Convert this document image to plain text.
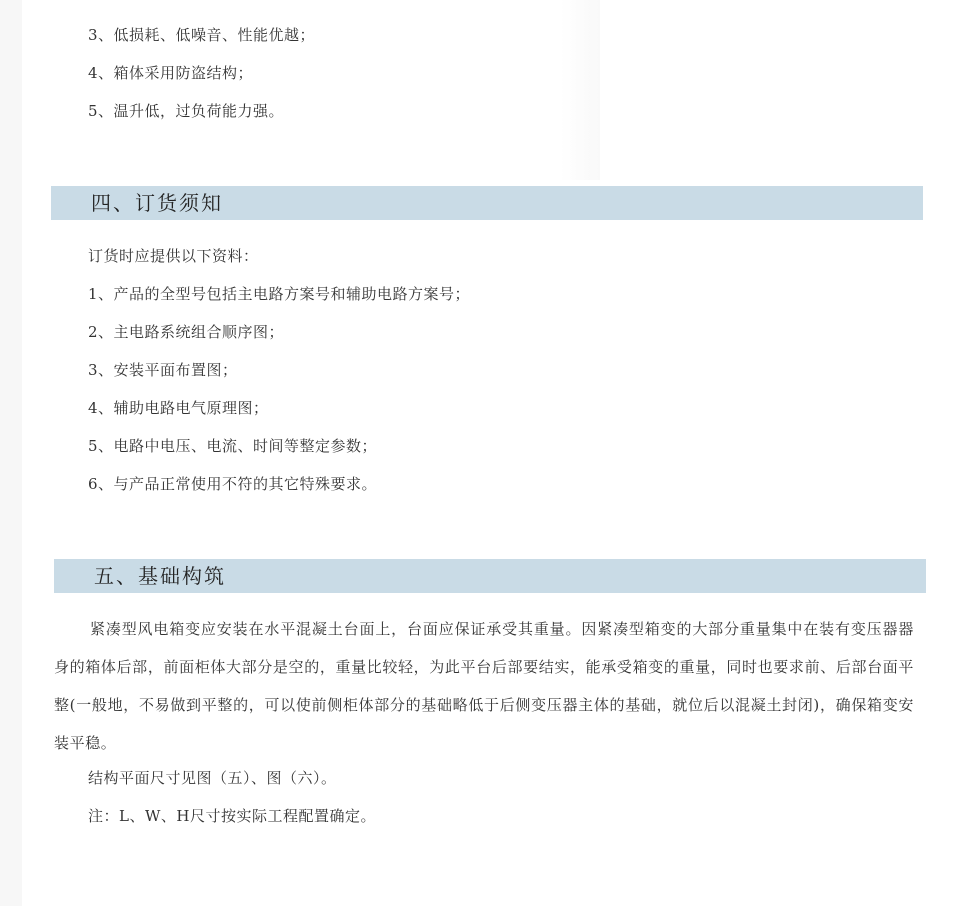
3、低损耗、低噪音、性能优越；
4、箱体采用防盗结构；
5、温升低，过负荷能力强。
四、订货须知
订货时应提供以下资料：
1、产品的全型号包括主电路方案号和辅助电路方案号；
2、主电路系统组合顺序图；
3、安装平面布置图；
4、辅助电路电气原理图；
5、电路中电压、电流、时间等整定参数；
6、与产品正常使用不符的其它特殊要求。
五、基础构筑
紧凑型风电箱变应安装在水平混凝土台面上，台面应保证承受其重量。因紧凑型箱变的大部分重量集中在装有变压器器身的箱体后部，前面柜体大部分是空的，重量比较轻，为此平台后部要结实，能承受箱变的重量，同时也要求前、后部台面平整(一般地，不易做到平整的，可以使前侧柜体部分的基础略低于后侧变压器主体的基础，就位后以混凝土封闭)，确保箱变安装平稳。
结构平面尺寸见图（五）、图（六）。
注：L、W、H尺寸按实际工程配置确定。
